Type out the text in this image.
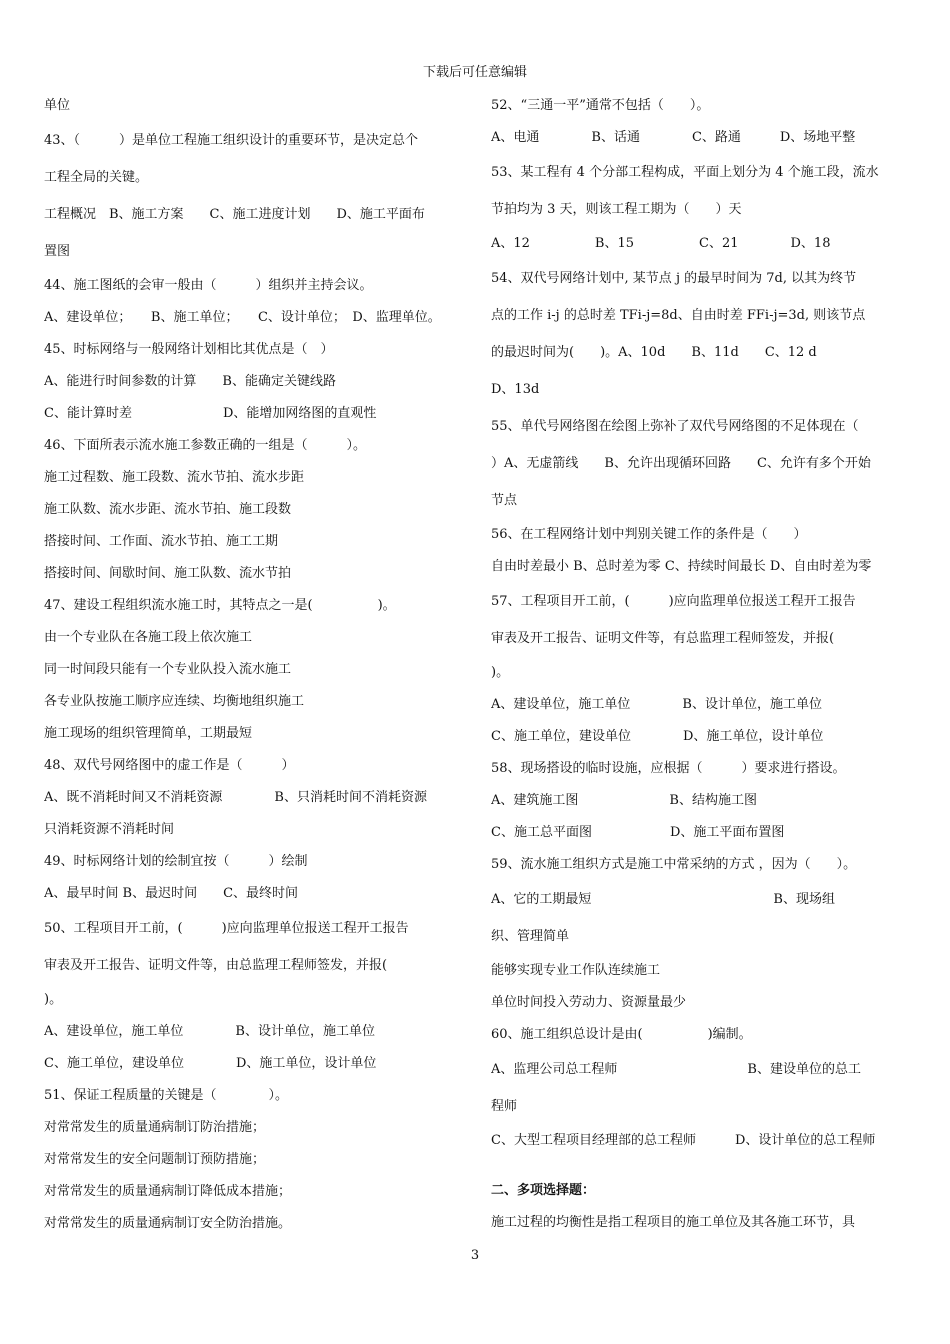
下载后可任意编辑
单位
43、（　　　）是单位工程施工组织设计的重要环节，是决定总个
工程全局的关键。
工程概况　B、施工方案　　C、施工进度计划　　D、施工平面布
置图
44、施工图纸的会审一般由（　　　）组织并主持会议。
A、建设单位；　　B、施工单位；　　C、设计单位；　D、监理单位。
45、时标网络与一般网络计划相比其优点是（　）
A、能进行时间参数的计算　　B、能确定关键线路
C、能计算时差　　　　　　　D、能增加网络图的直观性
46、下面所表示流水施工参数正确的一组是（　　　）。
施工过程数、施工段数、流水节拍、流水步距
施工队数、流水步距、流水节拍、施工段数
搭接时间、工作面、流水节拍、施工工期
搭接时间、间歇时间、施工队数、流水节拍
47、建设工程组织流水施工时，其特点之一是(　　　　　)。
由一个专业队在各施工段上依次施工
同一时间段只能有一个专业队投入流水施工
各专业队按施工顺序应连续、均衡地组织施工
施工现场的组织管理简单，工期最短
48、双代号网络图中的虚工作是（　　　）
A、既不消耗时间又不消耗资源　　　　B、只消耗时间不消耗资源
只消耗资源不消耗时间
49、时标网络计划的绘制宜按（　　　）绘制
A、最早时间 B、最迟时间　　C、最终时间
50、工程项目开工前，(　　　)应向监理单位报送工程开工报告
审表及开工报告、证明文件等，由总监理工程师签发，并报(
)。
A、建设单位，施工单位　　　　B、设计单位，施工单位
C、施工单位，建设单位　　　　D、施工单位，设计单位
51、保证工程质量的关键是（　　　　）。
对常常发生的质量通病制订防治措施；
对常常发生的安全问题制订预防措施；
对常常发生的质量通病制订降低成本措施；
对常常发生的质量通病制订安全防治措施。
52、“三通一平”通常不包括（　　）。
A、电通　　　　B、话通　　　　C、路通　　　D、场地平整
53、某工程有 4 个分部工程构成，平面上划分为 4 个施工段，流水
节拍均为 3 天，则该工程工期为（　　）天
A、12　　　　　B、15　　　　　C、21　　　　D、18
54、双代号网络计划中, 某节点 j 的最早时间为 7d, 以其为终节
点的工作 i-j 的总时差 TFi-j=8d、自由时差 FFi-j=3d, 则该节点
的最迟时间为(　　)。A、10d　　B、11d　　C、12 d
D、13d
55、单代号网络图在绘图上弥补了双代号网络图的不足体现在（
）A、无虚箭线　　B、允许出现循环回路　　C、允许有多个开始
节点
56、在工程网络计划中判别关键工作的条件是（　　）
自由时差最小 B、总时差为零 C、持续时间最长 D、自由时差为零
57、工程项目开工前，(　　　)应向监理单位报送工程开工报告
审表及开工报告、证明文件等，有总监理工程师签发，并报(
)。
A、建设单位，施工单位　　　　B、设计单位，施工单位
C、施工单位，建设单位　　　　D、施工单位，设计单位
58、现场搭设的临时设施，应根据（　　　）要求进行搭设。
A、建筑施工图　　　　　　　B、结构施工图
C、施工总平面图　　　　　　D、施工平面布置图
59、流水施工组织方式是施工中常采纳的方式 ，因为（　　）。
A、它的工期最短　　　　　　　　　　　　　　B、现场组
织、管理简单
能够实现专业工作队连续施工
单位时间投入劳动力、资源量最少
60、施工组织总设计是由(　　　　　)编制。
A、监理公司总工程师　　　　　　　　　　B、建设单位的总工
程师
C、大型工程项目经理部的总工程师　　　D、设计单位的总工程师
二、多项选择题：
施工过程的均衡性是指工程项目的施工单位及其各施工环节，具
3
